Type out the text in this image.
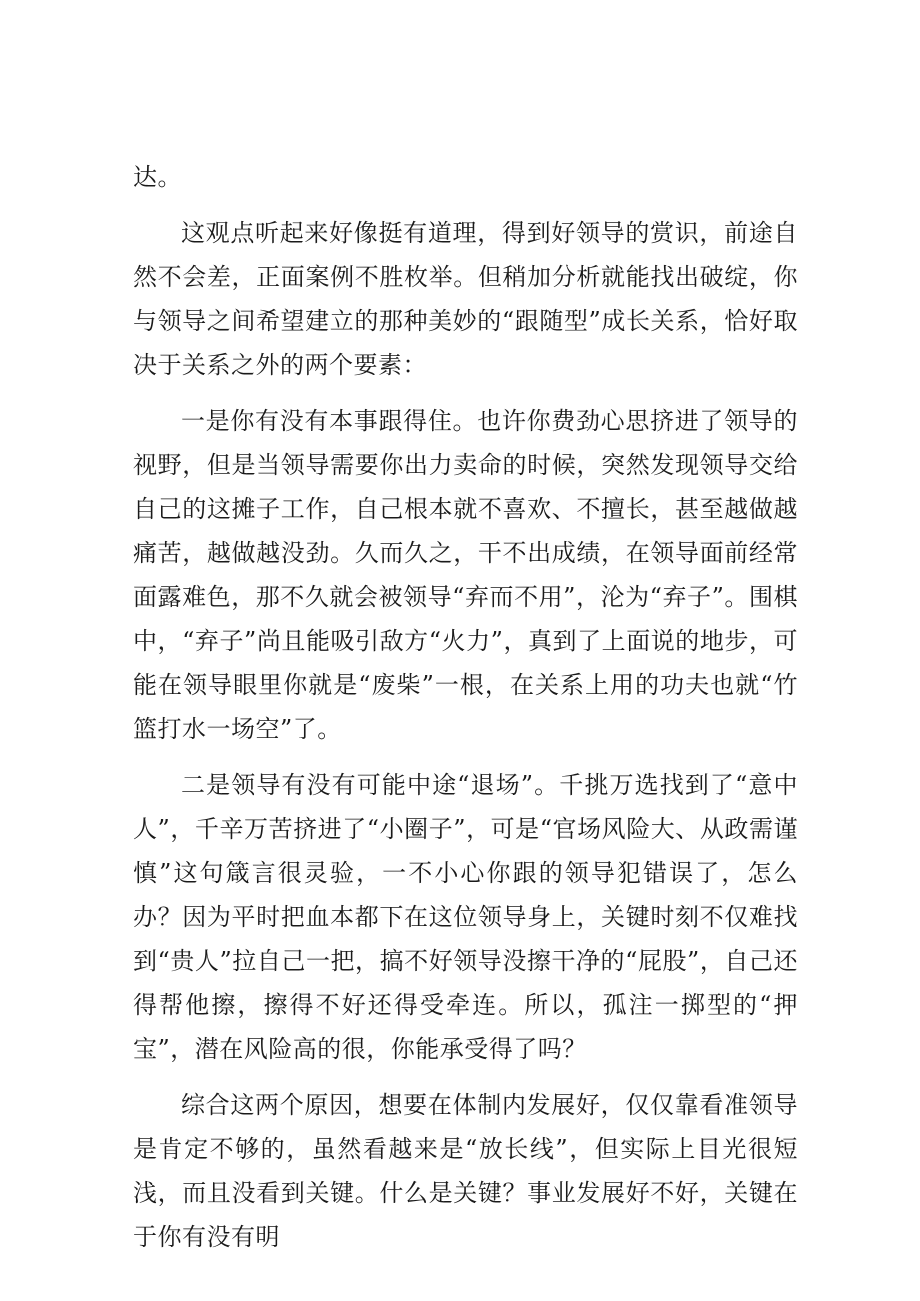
达。

这观点听起来好像挺有道理，得到好领导的赏识，前途自然不会差，正面案例不胜枚举。但稍加分析就能找出破绽，你与领导之间希望建立的那种美妙的“跟随型”成长关系，恰好取决于关系之外的两个要素：

一是你有没有本事跟得住。也许你费劲心思挤进了领导的视野，但是当领导需要你出力卖命的时候，突然发现领导交给自己的这摊子工作，自己根本就不喜欢、不擅长，甚至越做越痛苦，越做越没劲。久而久之，干不出成绩，在领导面前经常面露难色，那不久就会被领导“弃而不用”，沦为“弃子”。围棋中，“弃子”尚且能吸引敌方“火力”，真到了上面说的地步，可能在领导眼里你就是“废柴”一根，在关系上用的功夫也就“竹篮打水一场空”了。

二是领导有没有可能中途“退场”。千挑万选找到了“意中人”，千辛万苦挤进了“小圈子”，可是“官场风险大、从政需谨慎”这句箴言很灵验，一不小心你跟的领导犯错误了，怎么办？因为平时把血本都下在这位领导身上，关键时刻不仅难找到“贵人”拉自己一把，搞不好领导没擦干净的“屁股”，自己还得帮他擦，擦得不好还得受牵连。所以，孤注一掷型的“押宝”，潜在风险高的很，你能承受得了吗？

综合这两个原因，想要在体制内发展好，仅仅靠看准领导是肯定不够的，虽然看越来是“放长线”，但实际上目光很短浅，而且没看到关键。什么是关键？事业发展好不好，关键在于你有没有明
